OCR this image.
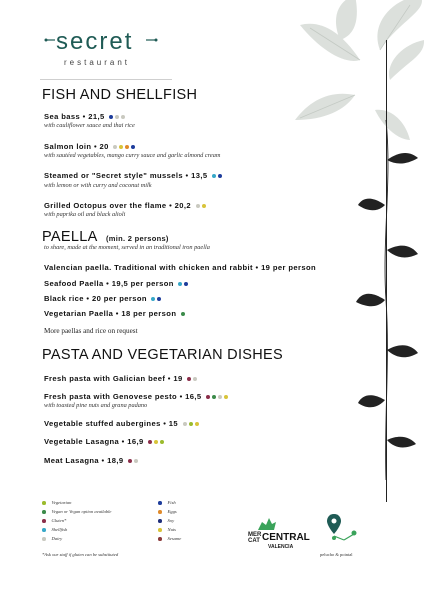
secret
restaurant
FISH AND SHELLFISH
Sea bass • 21,5
with cauliflower sauce and thai rice
Salmon loin • 20
with sautéed vegetables, mango curry sauce and garlic almond cream
Steamed or "Secret style" mussels • 13,5
with lemon or with curry and coconut milk
Grilled Octopus over the flame • 20,2
with paprika oil and black alioli
PAELLA (min. 2 persons)
to share, made at the moment, served in an traditional iron paella
Valencian paella. Traditional with chicken and rabbit • 19 per person
Seafood Paella • 19,5 per person
Black rice • 20 per person
Vegetarian Paella • 18 per person
More paellas and rice on request
PASTA AND VEGETARIAN DISHES
Fresh pasta with Galician beef • 19
Fresh pasta with Genovese pesto • 16,5
with toasted pine nuts and grana padano
Vegetable stuffed aubergines • 15
Vegetable Lasagna • 16,9
Meat Lasagna • 18,9
Vegetarian
Vegan or Vegan option available
Gluten*
Shellfish
Dairy
Fish
Eggs
Soy
Nuts
Sesame
*Ask our staff if gluten can be substituted
MER
CAT CENTRAL
VALENCIA
pelucho & pointal
